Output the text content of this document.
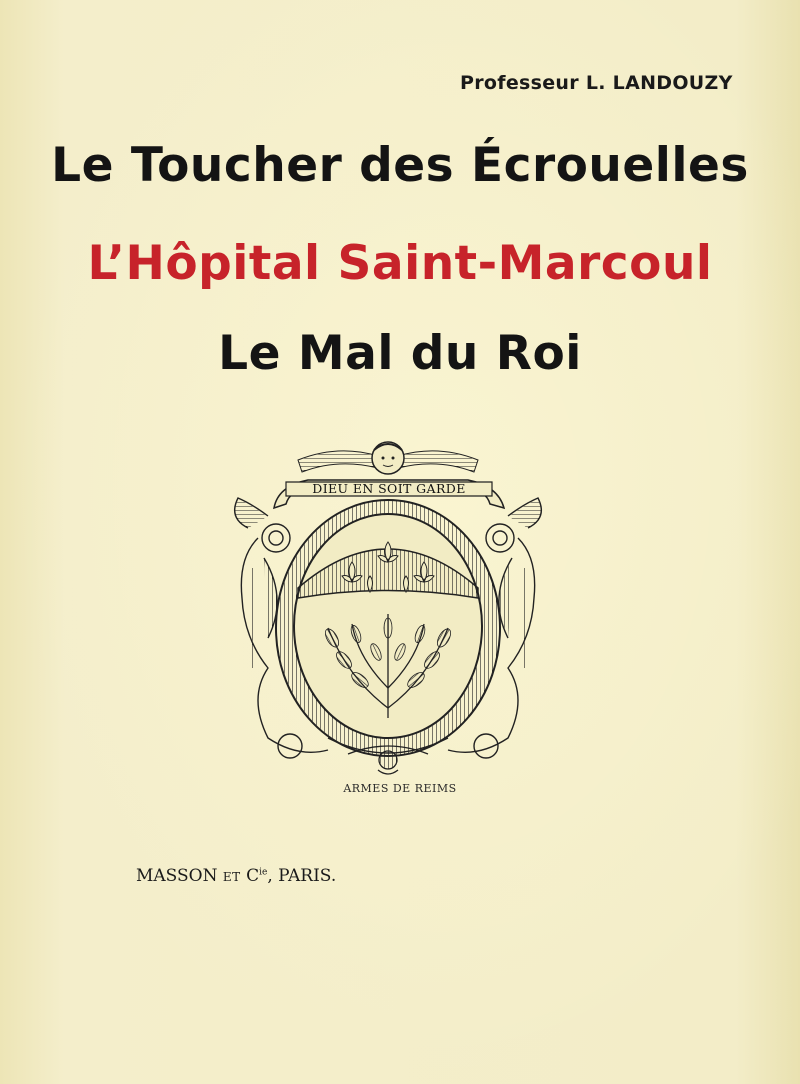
Professeur L. LANDOUZY
Le Toucher des Écrouelles
L’Hôpital Saint-Marcoul
Le Mal du Roi
DIEU EN SOIT GARDE
ARMES DE REIMS
MASSON ET $C^{ie}$, PARIS.
